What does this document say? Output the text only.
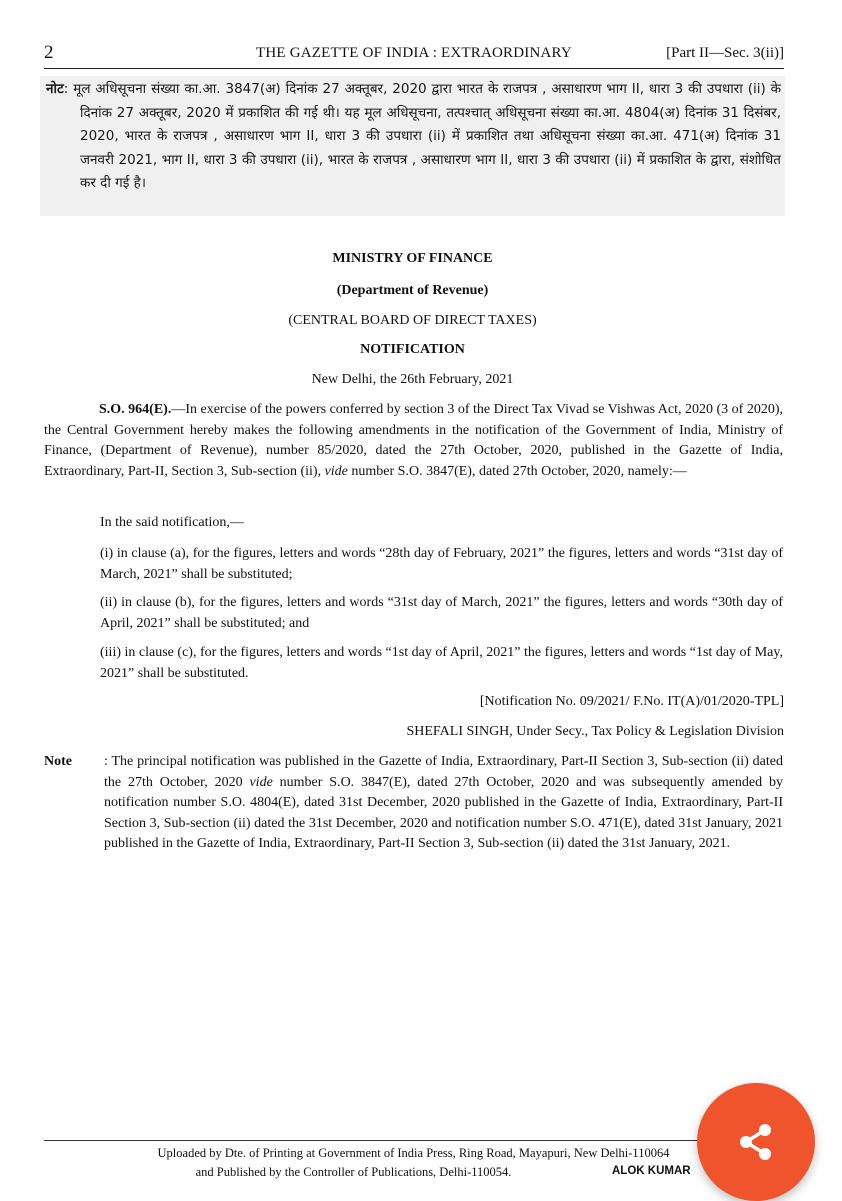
2	THE GAZETTE OF INDIA : EXTRAORDINARY	[Part II—Sec. 3(ii)]
नोट: मूल अधिसूचना संख्या का.आ. 3847(अ) दिनांक 27 अक्तूबर, 2020 द्वारा भारत के राजपत्र , असाधारण भाग II, धारा 3 की उपधारा (ii) के दिनांक 27 अक्तूबर, 2020 में प्रकाशित की गई थी। यह मूल अधिसूचना, तत्पश्चात् अधिसूचना संख्या का.आ. 4804(अ) दिनांक 31 दिसंबर, 2020, भारत के राजपत्र , असाधारण भाग II, धारा 3 की उपधारा (ii) में प्रकाशित तथा अधिसूचना संख्या का.आ. 471(अ) दिनांक 31 जनवरी 2021, भाग II, धारा 3 की उपधारा (ii), भारत के राजपत्र , असाधारण भाग II, धारा 3 की उपधारा (ii) में प्रकाशित के द्वारा, संशोधित कर दी गई है।
MINISTRY OF FINANCE
(Department of Revenue)
(CENTRAL BOARD OF DIRECT TAXES)
NOTIFICATION
New Delhi, the 26th February, 2021
S.O. 964(E).—In exercise of the powers conferred by section 3 of the Direct Tax Vivad se Vishwas Act, 2020 (3 of 2020), the Central Government hereby makes the following amendments in the notification of the Government of India, Ministry of Finance, (Department of Revenue), number 85/2020, dated the 27th October, 2020, published in the Gazette of India, Extraordinary, Part-II, Section 3, Sub-section (ii), vide number S.O. 3847(E), dated 27th October, 2020, namely:—
In the said notification,—
(i) in clause (a), for the figures, letters and words “28th day of February, 2021” the figures, letters and words “31st day of March, 2021” shall be substituted;
(ii) in clause (b), for the figures, letters and words “31st day of March, 2021” the figures, letters and words “30th day of April, 2021” shall be substituted; and
(iii) in clause (c), for the figures, letters and words “1st day of April, 2021” the figures, letters and words “1st day of May, 2021” shall be substituted.
[Notification No. 09/2021/ F.No. IT(A)/01/2020-TPL]
SHEFALI SINGH, Under Secy., Tax Policy & Legislation Division
Note : The principal notification was published in the Gazette of India, Extraordinary, Part-II Section 3, Sub-section (ii) dated the 27th October, 2020 vide number S.O. 3847(E), dated 27th October, 2020 and was subsequently amended by notification number S.O. 4804(E), dated 31st December, 2020 published in the Gazette of India, Extraordinary, Part-II Section 3, Sub-section (ii) dated the 31st December, 2020 and notification number S.O. 471(E), dated 31st January, 2021 published in the Gazette of India, Extraordinary, Part-II Section 3, Sub-section (ii) dated the 31st January, 2021.
Uploaded by Dte. of Printing at Government of India Press, Ring Road, Mayapuri, New Delhi-110064
and Published by the Controller of Publications, Delhi-110054.	ALOK KUMAR
